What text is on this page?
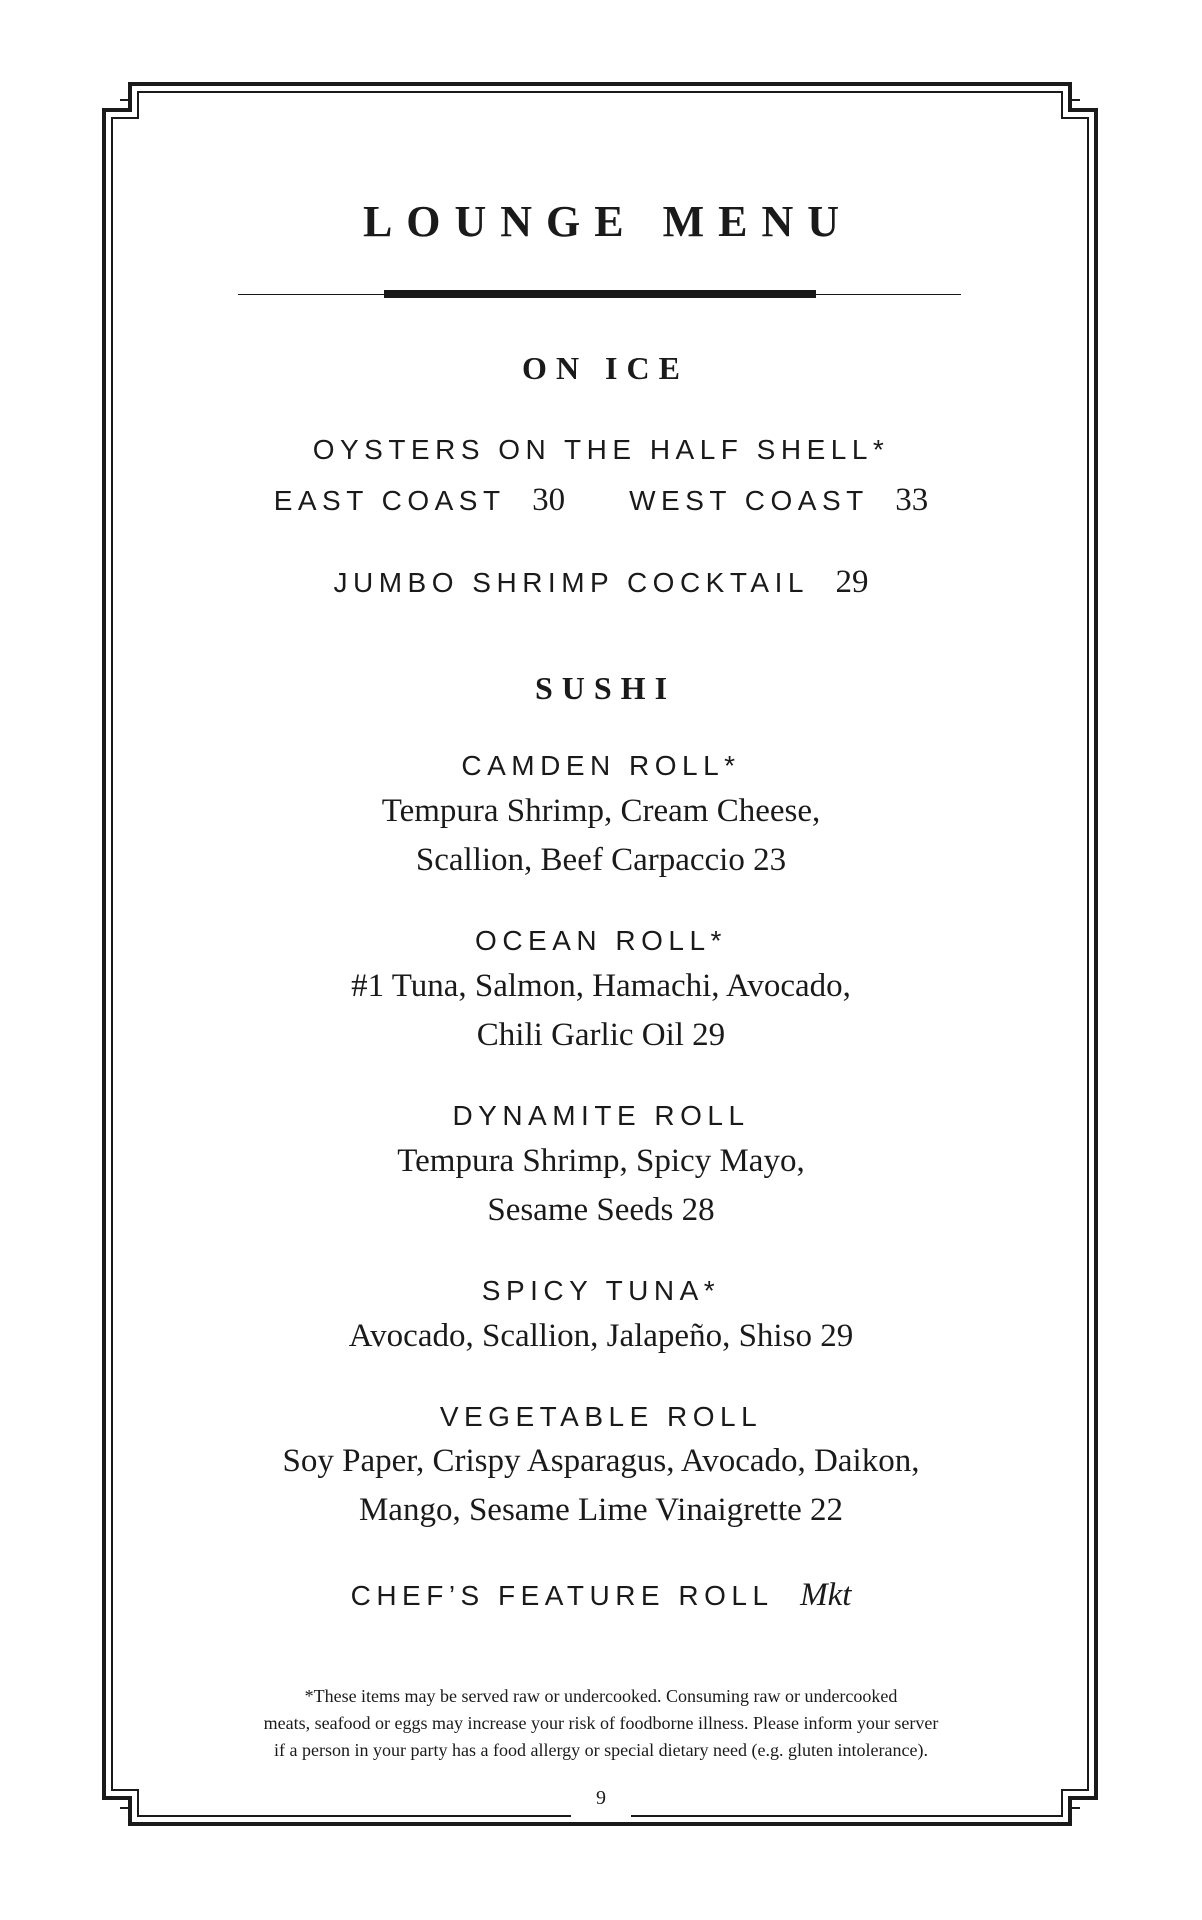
9
LOUNGE MENU
ON ICE
OYSTERS ON THE HALF SHELL*
EAST COAST 30 WEST COAST 33
JUMBO SHRIMP COCKTAIL 29
SUSHI
CAMDEN ROLL*
Tempura Shrimp, Cream Cheese,
Scallion, Beef Carpaccio 23
OCEAN ROLL*
#1 Tuna, Salmon, Hamachi, Avocado,
Chili Garlic Oil 29
DYNAMITE ROLL
Tempura Shrimp, Spicy Mayo,
Sesame Seeds 28
SPICY TUNA*
Avocado, Scallion, Jalapeño, Shiso 29
VEGETABLE ROLL
Soy Paper, Crispy Asparagus, Avocado, Daikon,
Mango, Sesame Lime Vinaigrette 22
CHEF’S FEATURE ROLL Mkt
*These items may be served raw or undercooked. Consuming raw or undercooked
meats, seafood or eggs may increase your risk of foodborne illness. Please inform your server
if a person in your party has a food allergy or special dietary need (e.g. gluten intolerance).
